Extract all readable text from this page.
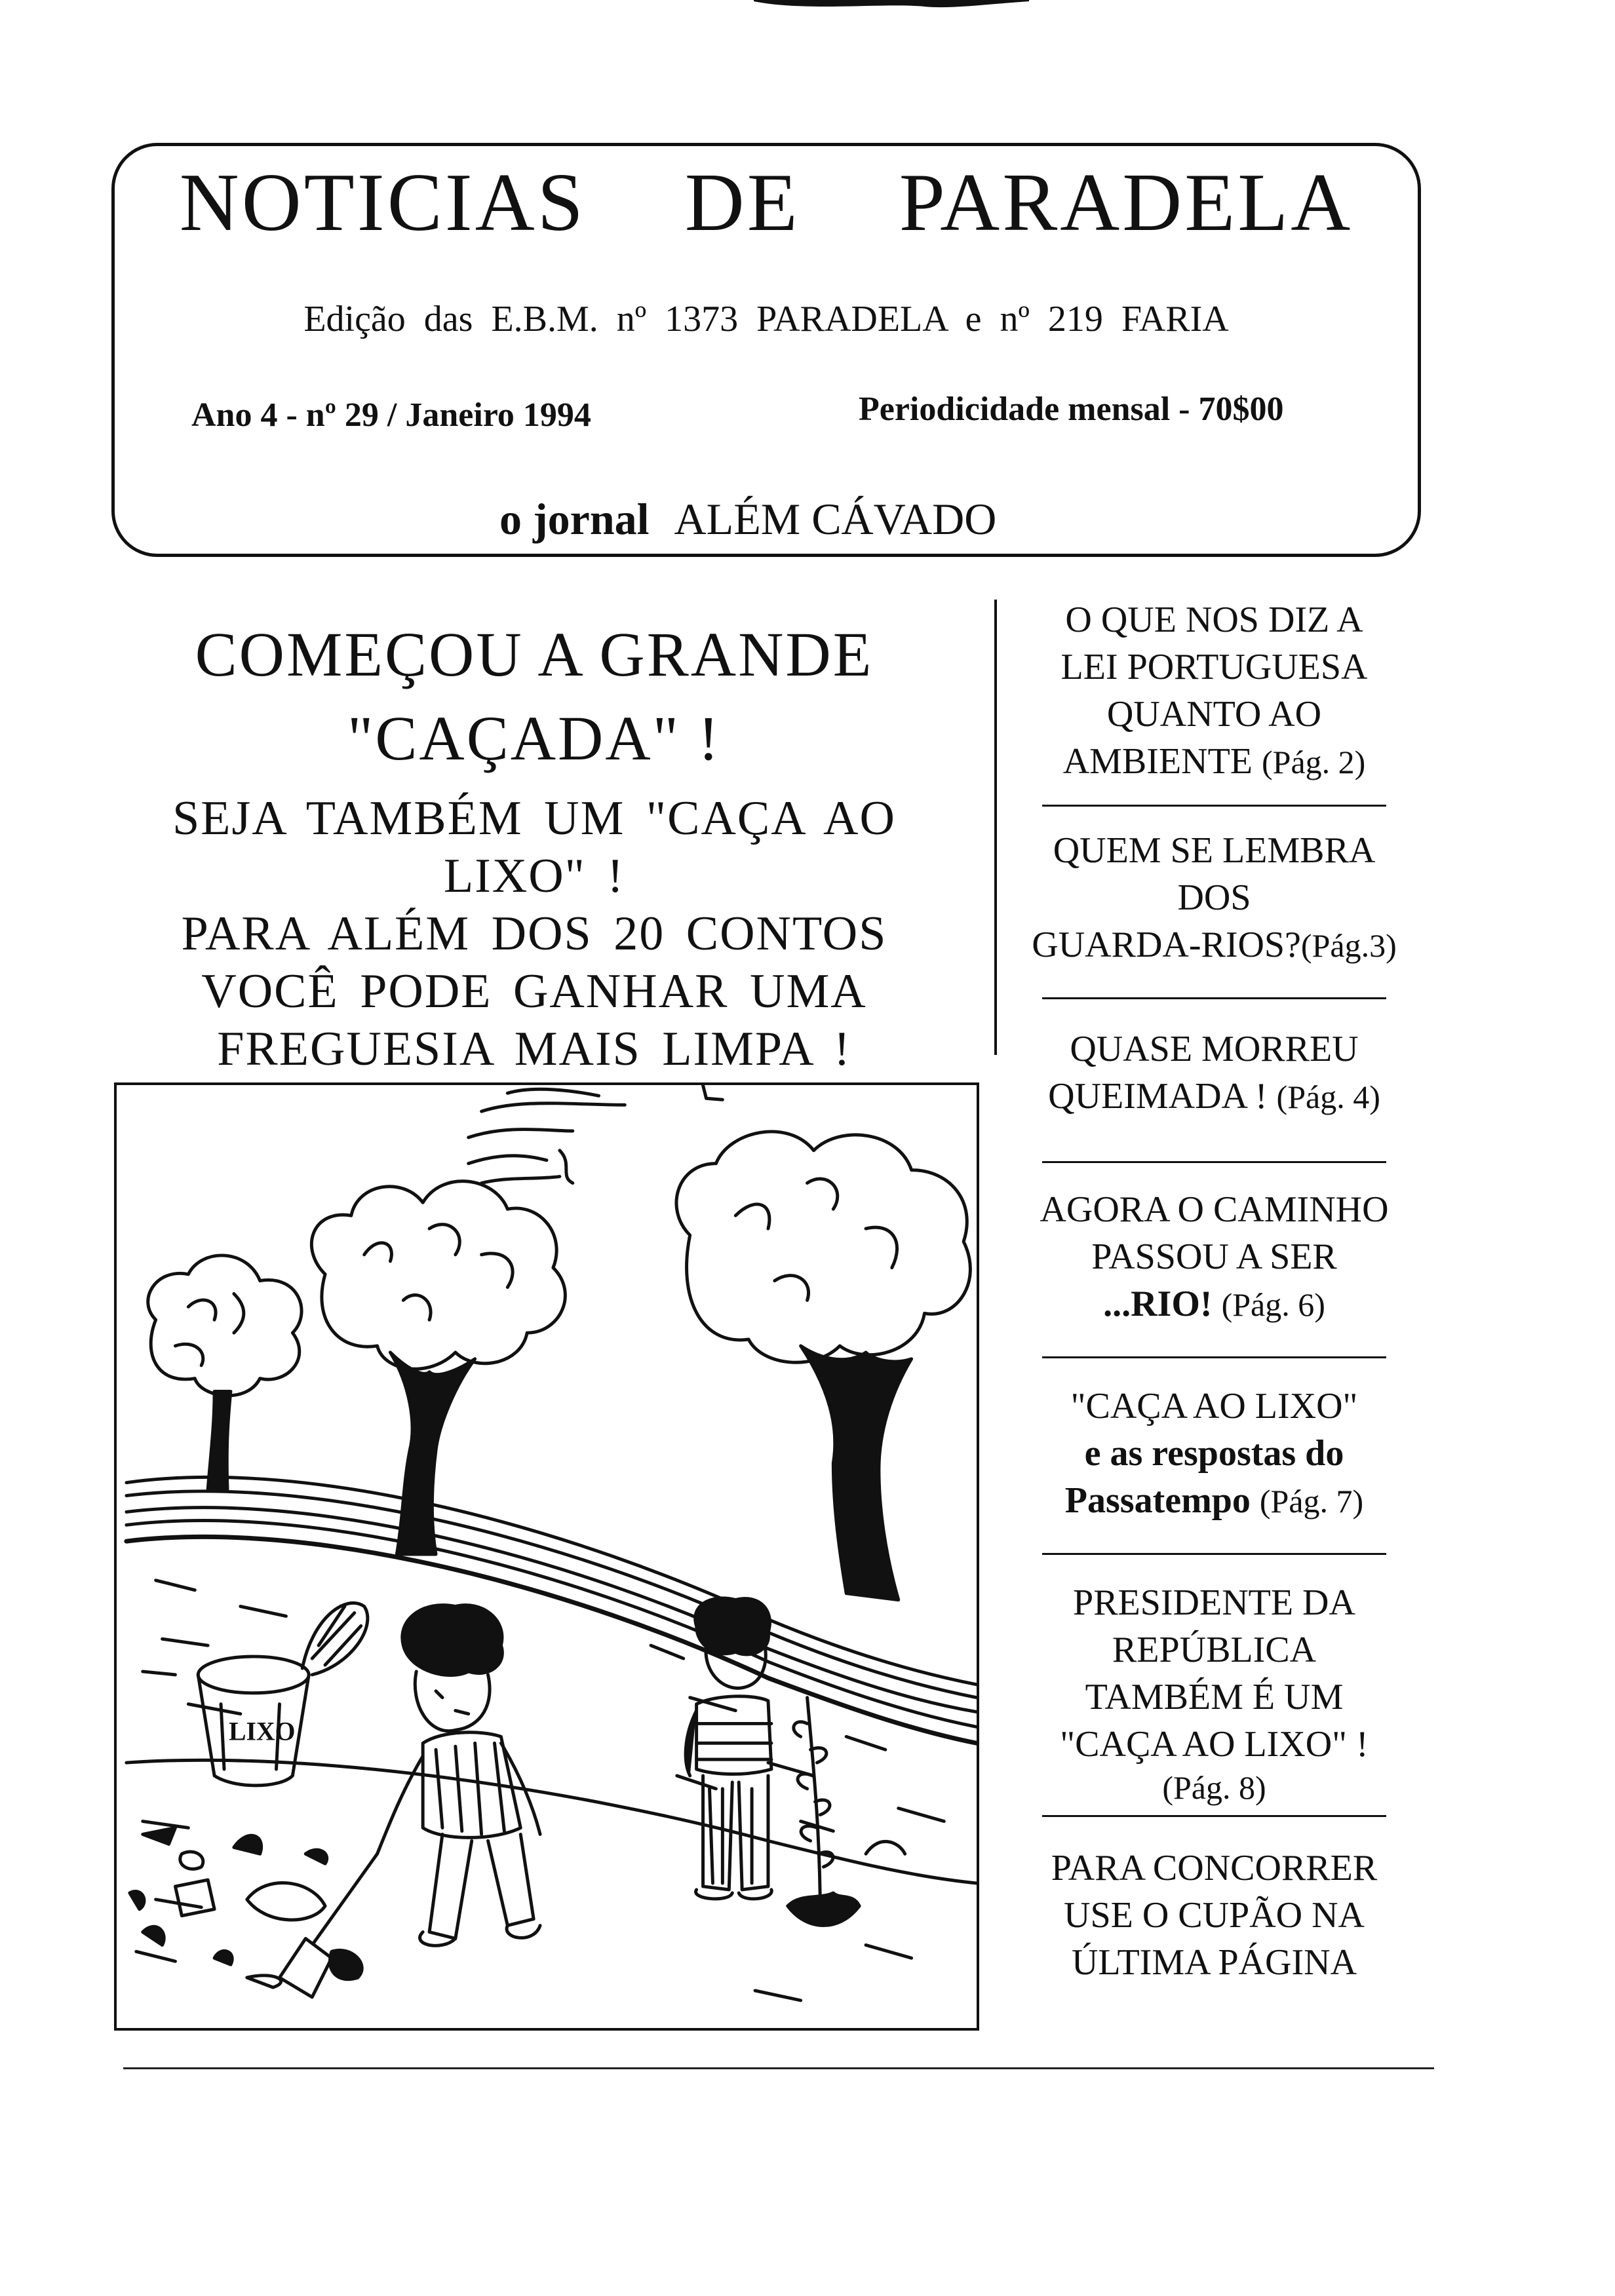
NOTICIAS  DE  PARADELA
Edição das E.B.M. nº 1373 PARADELA e nº 219 FARIA
Ano 4 - nº 29 / Janeiro 1994	Periodicidade mensal - 70$00
o jornal ALÉM CÁVADO
COMEÇOU A GRANDE
"CAÇADA" !
SEJA TAMBÉM UM "CAÇA AO
LIXO" !
PARA ALÉM DOS 20 CONTOS
VOCÊ PODE GANHAR UMA
FREGUESIA MAIS LIMPA !
O QUE NOS DIZ A
LEI PORTUGUESA
QUANTO AO
AMBIENTE (Pág. 2)
QUEM SE LEMBRA
DOS
GUARDA-RIOS?(Pág.3)
QUASE MORREU
QUEIMADA ! (Pág. 4)
AGORA O CAMINHO
PASSOU A SER
...RIO! (Pág. 6)
"CAÇA AO LIXO"
e as respostas do
Passatempo (Pág. 7)
PRESIDENTE DA
REPÚBLICA
TAMBÉM É UM
"CAÇA AO LIXO" !
(Pág. 8)
PARA CONCORRER
USE O CUPÃO NA
ÚLTIMA PÁGINA
LIXO
